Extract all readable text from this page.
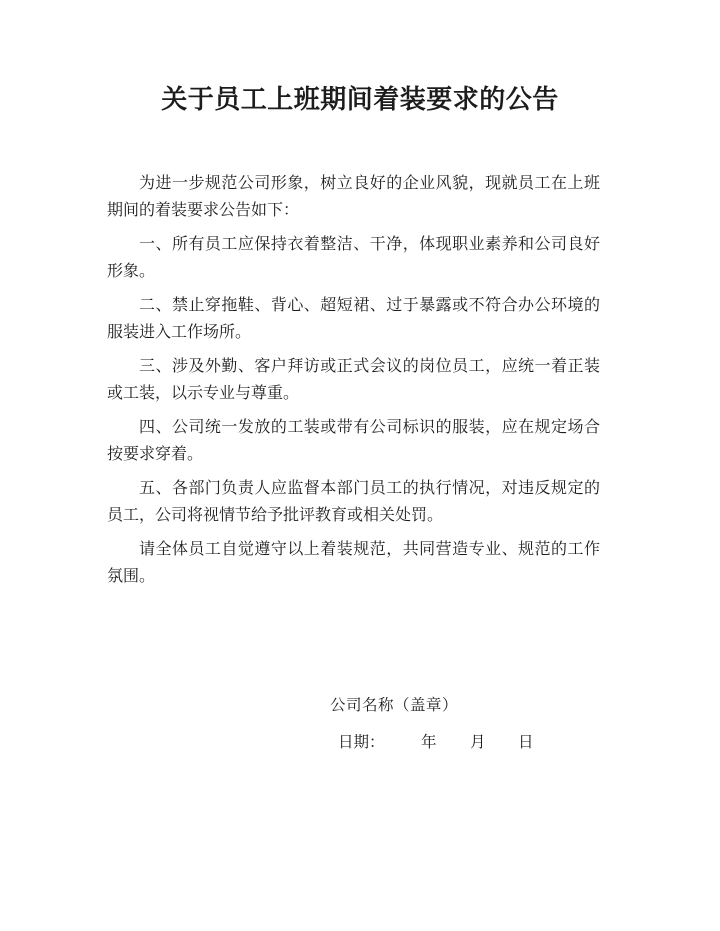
关于员工上班期间着装要求的公告
为进一步规范公司形象，树立良好的企业风貌，现就员工在上班
期间的着装要求公告如下：
一、所有员工应保持衣着整洁、干净，体现职业素养和公司良好
形象。
二、禁止穿拖鞋、背心、超短裙、过于暴露或不符合办公环境的
服装进入工作场所。
三、涉及外勤、客户拜访或正式会议的岗位员工，应统一着正装
或工装，以示专业与尊重。
四、公司统一发放的工装或带有公司标识的服装，应在规定场合
按要求穿着。
五、各部门负责人应监督本部门员工的执行情况，对违反规定的
员工，公司将视情节给予批评教育或相关处罚。
请全体员工自觉遵守以上着装规范，共同营造专业、规范的工作
氛围。
公司名称（盖章）
日期： 年 月 日
